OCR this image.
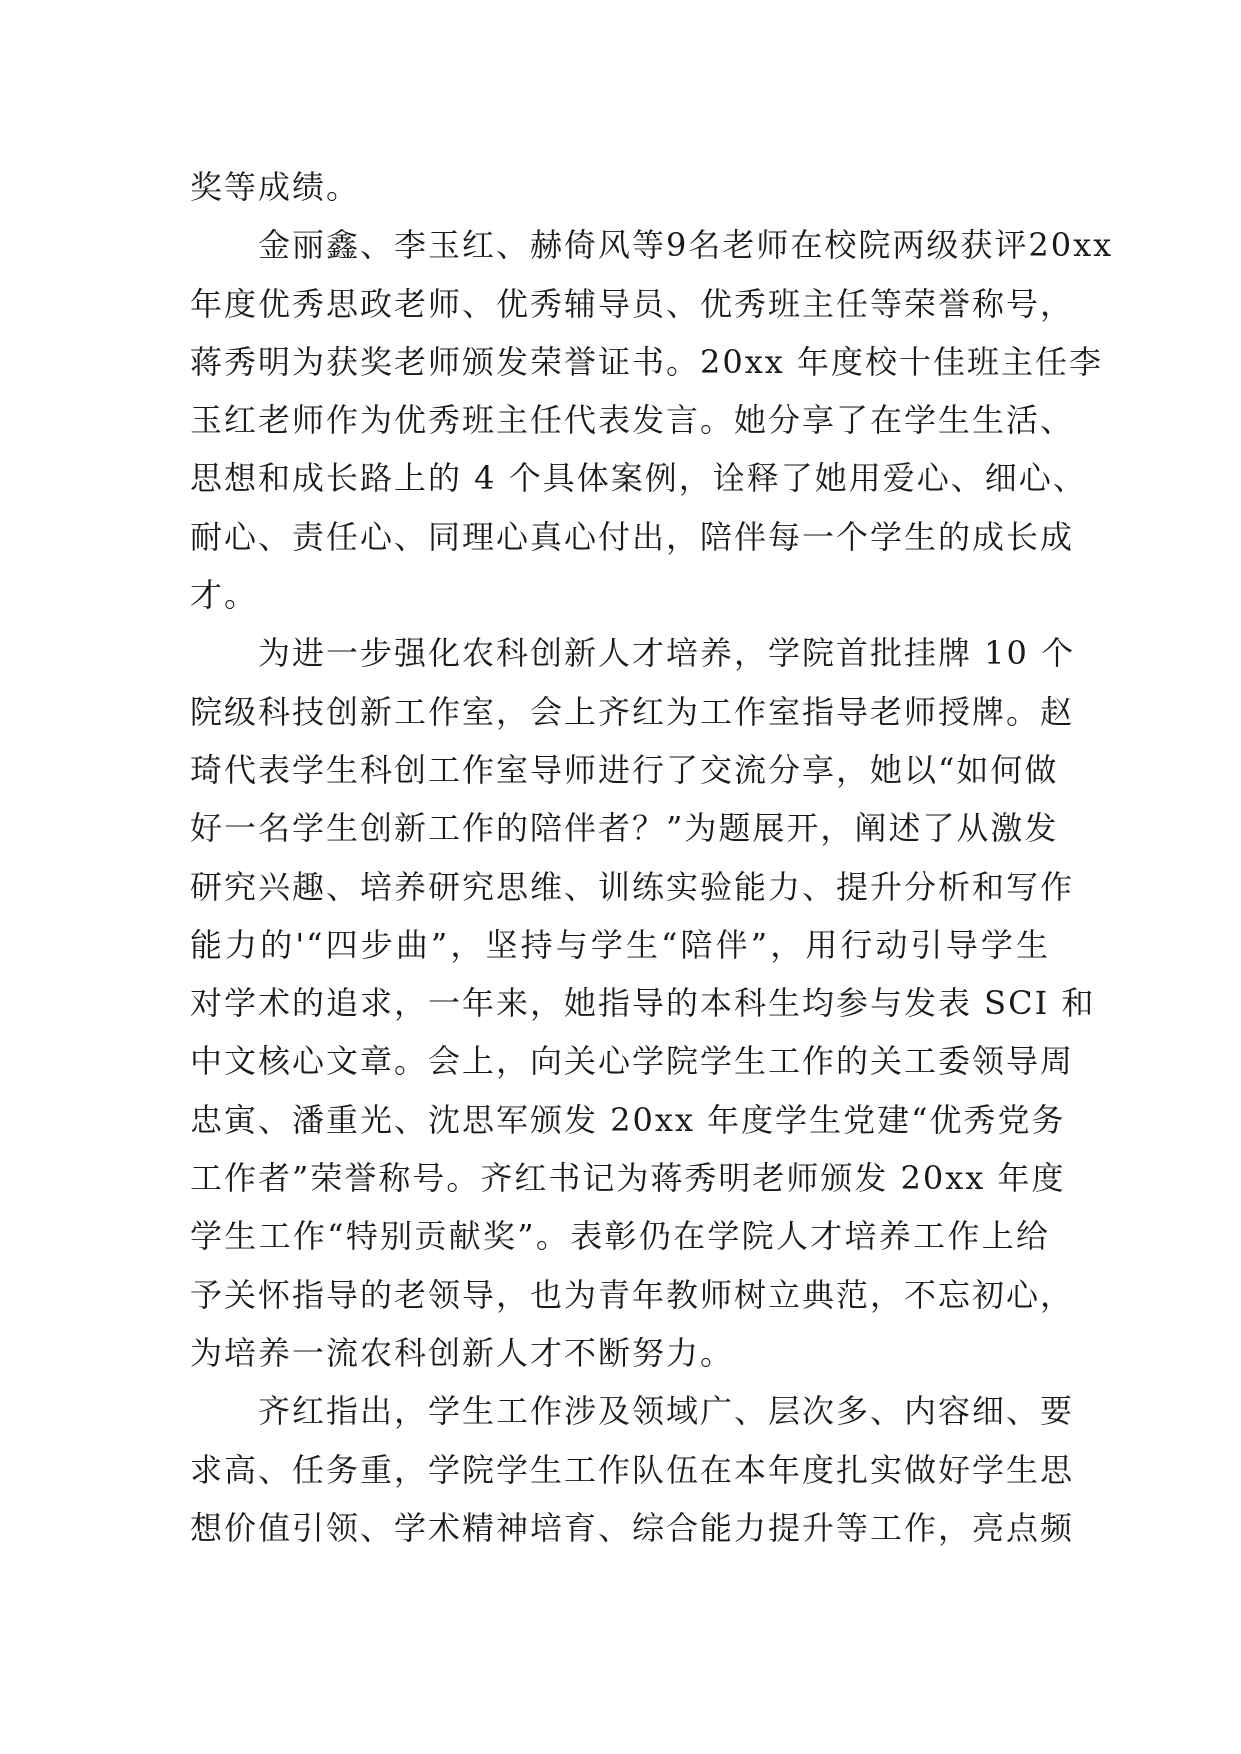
奖等成绩。
金丽鑫、李玉红、赫倚风等9名老师在校院两级获评20xx
年度优秀思政老师、优秀辅导员、优秀班主任等荣誉称号，
蒋秀明为获奖老师颁发荣誉证书。20xx 年度校十佳班主任李
玉红老师作为优秀班主任代表发言。她分享了在学生生活、
思想和成长路上的 4 个具体案例，诠释了她用爱心、细心、
耐心、责任心、同理心真心付出，陪伴每一个学生的成长成
才。
为进一步强化农科创新人才培养，学院首批挂牌 10 个
院级科技创新工作室，会上齐红为工作室指导老师授牌。赵
琦代表学生科创工作室导师进行了交流分享，她以“如何做
好一名学生创新工作的陪伴者？”为题展开，阐述了从激发
研究兴趣、培养研究思维、训练实验能力、提升分析和写作
能力的'“四步曲”，坚持与学生“陪伴”，用行动引导学生
对学术的追求，一年来，她指导的本科生均参与发表 SCI 和
中文核心文章。会上，向关心学院学生工作的关工委领导周
忠寅、潘重光、沈思军颁发 20xx 年度学生党建“优秀党务
工作者”荣誉称号。齐红书记为蒋秀明老师颁发 20xx 年度
学生工作“特别贡献奖”。表彰仍在学院人才培养工作上给
予关怀指导的老领导，也为青年教师树立典范，不忘初心，
为培养一流农科创新人才不断努力。
齐红指出，学生工作涉及领域广、层次多、内容细、要
求高、任务重，学院学生工作队伍在本年度扎实做好学生思
想价值引领、学术精神培育、综合能力提升等工作，亮点频
